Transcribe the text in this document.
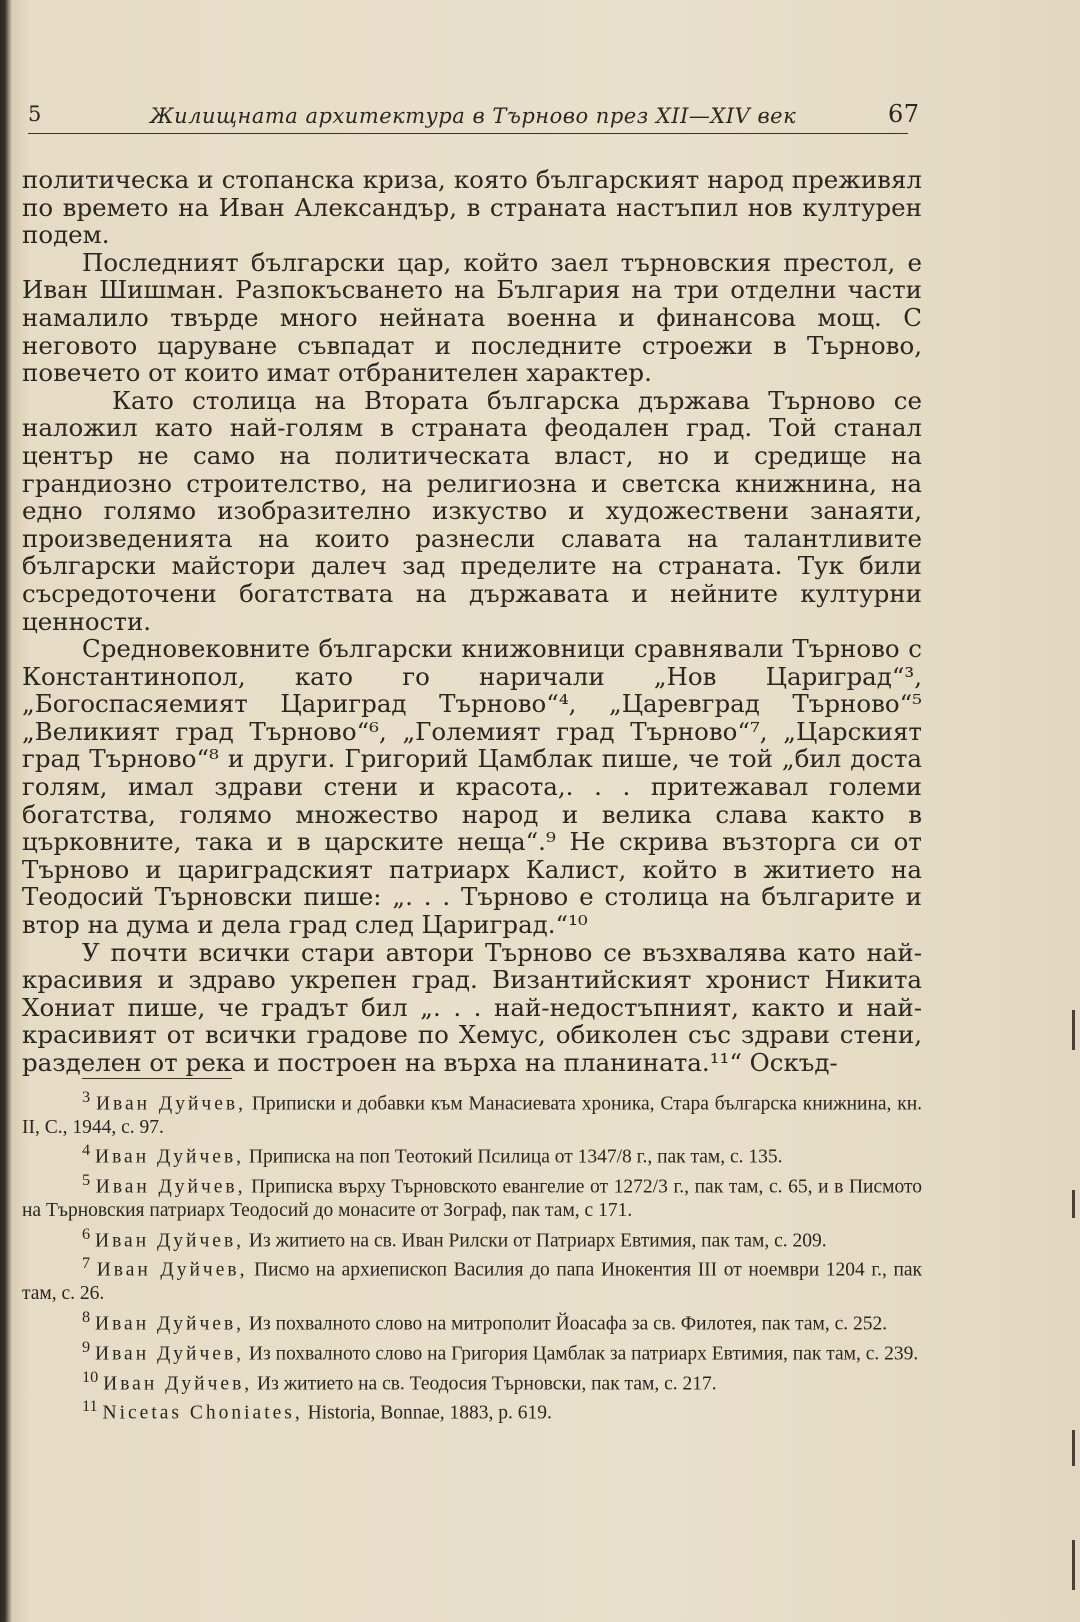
5	Жилищната архитектура в Търново през XII—XIV век	67

политическа и стопанска криза, която българският народ преживял по времето на Иван Александър, в страната настъпил нов културен подем.

Последният български цар, който заел търновския престол, е Иван Шишман. Разпокъсването на България на три отделни части намалило твърде много нейната военна и финансова мощ. С неговото царуване съвпадат и последните строежи в Търново, повечето от които имат отбранителен характер.

Като столица на Втората българска държава Търново се наложил като най-голям в страната феодален град. Той станал център не само на политическата власт, но и средище на грандиозно строителство, на религиозна и светска книжнина, на едно голямо изобразително изкуство и художествени занаяти, произведенията на които разнесли славата на талантливите български майстори далеч зад пределите на страната. Тук били съсредоточени богатствата на държавата и нейните културни ценности.

Средновековните български книжовници сравнявали Търново с Константинопол, като го наричали „Нов Цариград“³, „Богоспасяемият Цариград Търново“⁴, „Царевград Търново“⁵ „Великият град Търново“⁶, „Големият град Търново“⁷, „Царският град Търново“⁸ и други. Григорий Цамблак пише, че той „бил доста голям, имал здрави стени и красота,. . . притежавал големи богатства, голямо множество народ и велика слава както в църковните, така и в царските неща“.⁹ Не скрива възторга си от Търново и цариградският патриарх Калист, който в житието на Теодосий Търновски пише: „. . . Търново е столица на българите и втор на дума и дела град след Цариград.“¹⁰

У почти всички стари автори Търново се възхвалява като най-красивия и здраво укрепен град. Византийският хронист Никита Хониат пише, че градът бил „. . . най-недостъпният, както и най-красивият от всички градове по Хемус, обиколен със здрави стени, разделен от река и построен на върха на планината.¹¹“ Оскъд-

$^3$ Иван Дуйчев, Приписки и добавки към Манасиевата хроника, Стара българска книжнина, кн. II, С., 1944, с. 97.

$^4$ Иван Дуйчев, Приписка на поп Теотокий Псилица от 1347/8 г., пак там, с. 135.

$^5$ Иван Дуйчев, Приписка върху Търновското евангелие от 1272/3 г., пак там, с. 65, и в Писмото на Търновския патриарх Теодосий до монасите от Зограф, пак там, с 171.

$^6$ Иван Дуйчев, Из житието на св. Иван Рилски от Патриарх Евтимия, пак там, с. 209.

$^7$ Иван Дуйчев, Писмо на архиепископ Василия до папа Инокентия III от ноември 1204 г., пак там, с. 26.

$^8$ Иван Дуйчев, Из похвалното слово на митрополит Йоасафа за св. Филотея, пак там, с. 252.

$^9$ Иван Дуйчев, Из похвалното слово на Григория Цамблак за патриарх Евтимия, пак там, с. 239.

$^{10}$ Иван Дуйчев, Из житието на св. Теодосия Търновски, пак там, с. 217.

$^{11}$ Nicetas Choniates, Historia, Bonnae, 1883, p. 619.
